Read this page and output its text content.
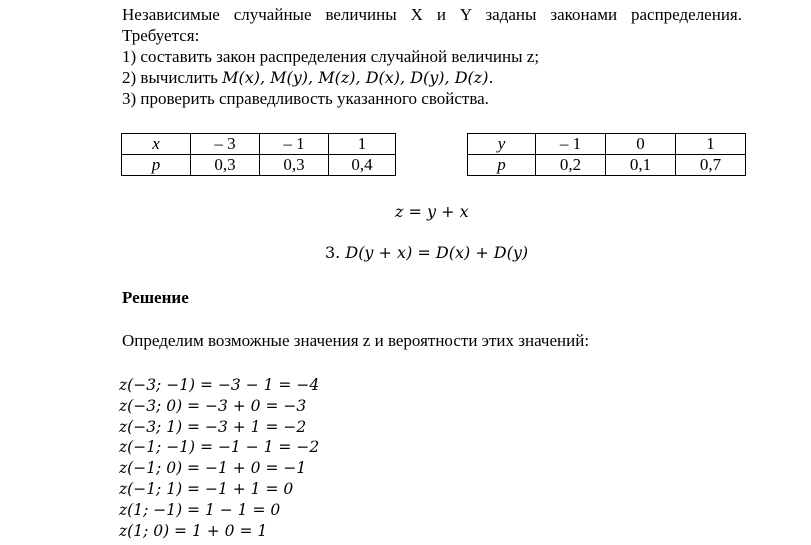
Независимые случайные величины X и Y заданы законами распределения.
Требуется:
1) составить закон распределения случайной величины z;
2) вычислить M(x), M(y), M(z), D(x), D(y), D(z).
3) проверить справедливость указанного свойства.
x	– 3	– 1	1
p	0,3	0,3	0,4
y	– 1	0	1
p	0,2	0,1	0,7
z = y + x
3. D(y + x) = D(x) + D(y)
Решение
Определим возможные значения z и вероятности этих значений:
z(−3; −1) = −3 − 1 = −4
z(−3; 0) = −3 + 0 = −3
z(−3; 1) = −3 + 1 = −2
z(−1; −1) = −1 − 1 = −2
z(−1; 0) = −1 + 0 = −1
z(−1; 1) = −1 + 1 = 0
z(1; −1) = 1 − 1 = 0
z(1; 0) = 1 + 0 = 1
